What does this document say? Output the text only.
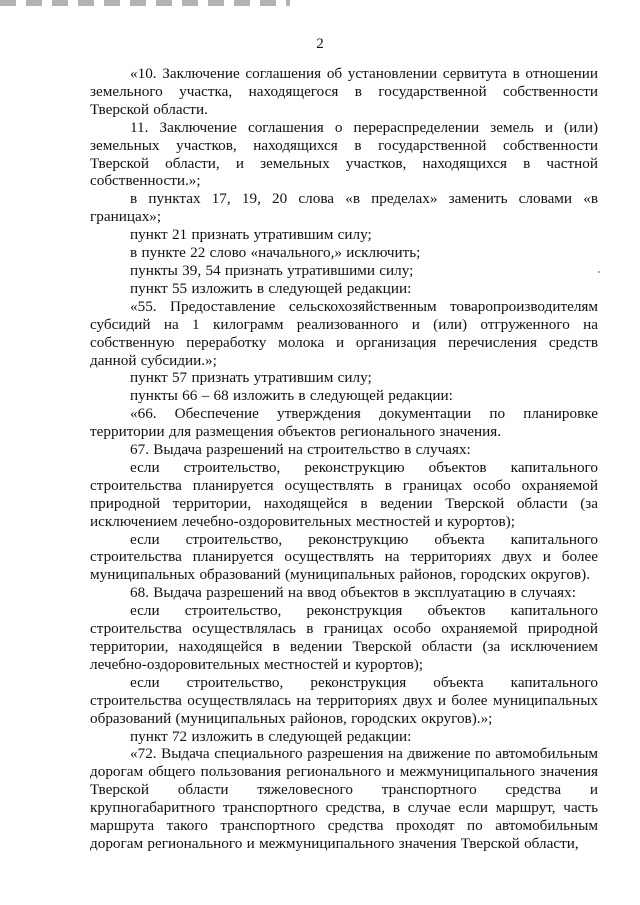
2

«10. Заключение соглашения об установлении сервитута в отношении земельного участка, находящегося в государственной собственности Тверской области.

11. Заключение соглашения о перераспределении земель и (или) земельных участков, находящихся в государственной собственности Тверской области, и земельных участков, находящихся в частной собственности.»;

в пунктах 17, 19, 20 слова «в пределах» заменить словами «в границах»;

пункт 21 признать утратившим силу;

в пункте 22 слово «начального,» исключить;

пункты 39, 54 признать утратившими силу;

пункт 55 изложить в следующей редакции:

«55. Предоставление сельскохозяйственным товаропроизводителям субсидий на 1 килограмм реализованного и (или) отгруженного на собственную переработку молока и организация перечисления средств данной субсидии.»;

пункт 57 признать утратившим силу;

пункты 66 – 68 изложить в следующей редакции:

«66. Обеспечение утверждения документации по планировке территории для размещения объектов регионального значения.

67. Выдача разрешений на строительство в случаях:

если строительство, реконструкцию объектов капитального строительства планируется осуществлять в границах особо охраняемой природной территории, находящейся в ведении Тверской области (за исключением лечебно-оздоровительных местностей и курортов);

если строительство, реконструкцию объекта капитального строительства планируется осуществлять на территориях двух и более муниципальных образований (муниципальных районов, городских округов).

68. Выдача разрешений на ввод объектов в эксплуатацию в случаях:

если строительство, реконструкция объектов капитального строительства осуществлялась в границах особо охраняемой природной территории, находящейся в ведении Тверской области (за исключением лечебно-оздоровительных местностей и курортов);

если строительство, реконструкция объекта капитального строительства осуществлялась на территориях двух и более муниципальных образований (муниципальных районов, городских округов).»;

пункт 72 изложить в следующей редакции:

«72. Выдача специального разрешения на движение по автомобильным дорогам общего пользования регионального и межмуниципального значения Тверской области тяжеловесного транспортного средства и крупногабаритного транспортного средства, в случае если маршрут, часть маршрута такого транспортного средства проходят по автомобильным дорогам регионального и межмуниципального значения Тверской области,
